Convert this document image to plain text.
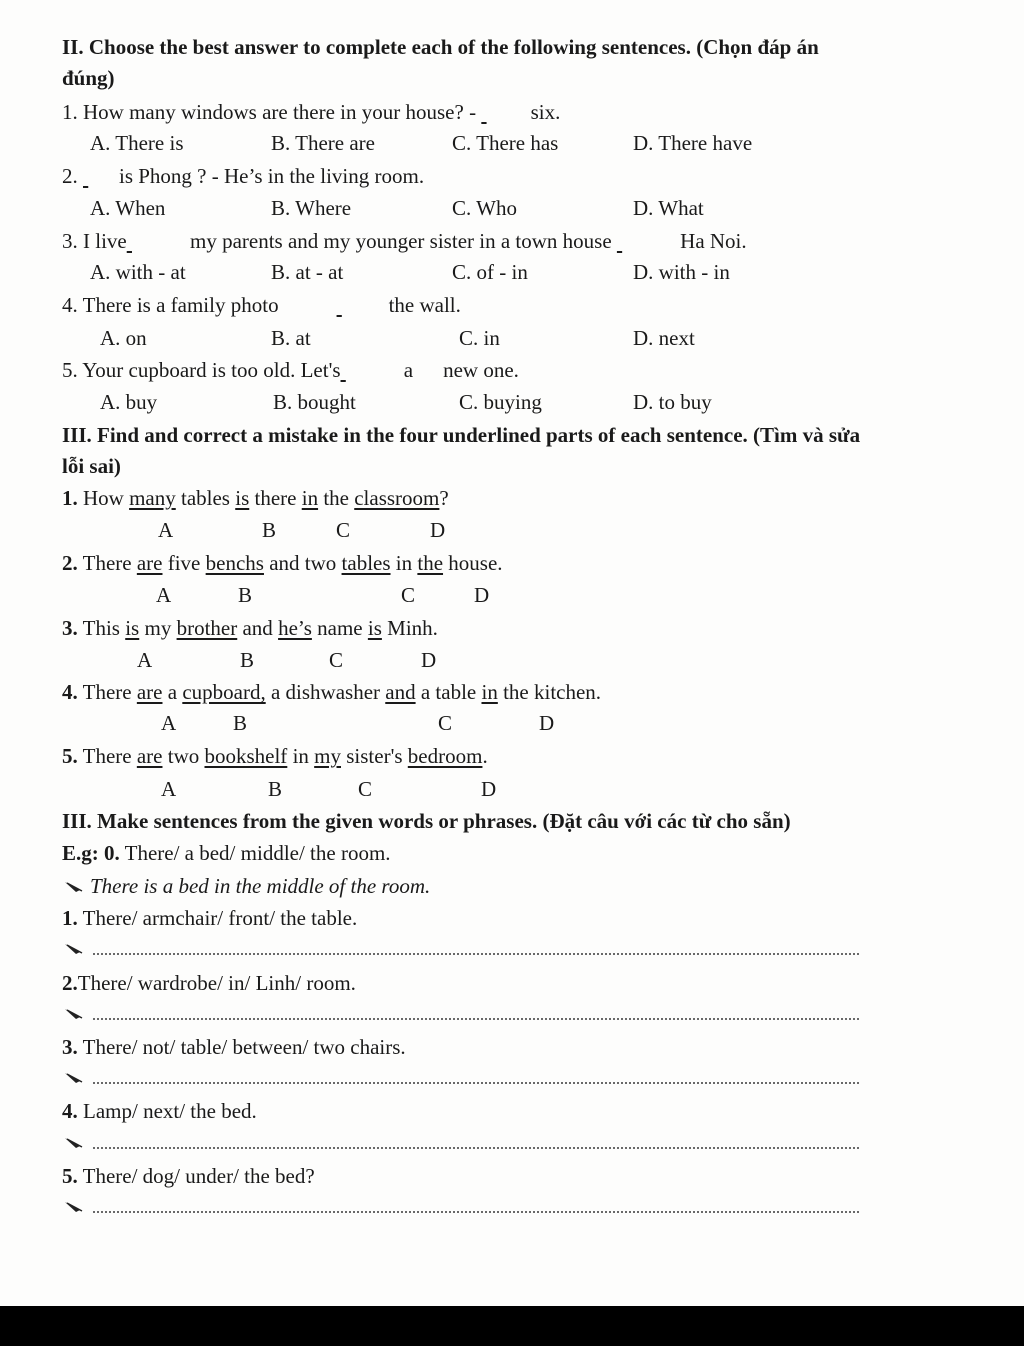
II. Choose the best answer to complete each of the following sentences. (Chọn đáp án
đúng)
1. How many windows are there in your house? -   six.
A. There is	B. There are	C. There has	D. There have
2.  is Phong ? - He’s in the living room.
A. When	B. Where	C. Who	D. What
3. I live	my parents and my younger sister in a town house	Ha Noi.
A. with - at	B. at - at	C. of - in	D. with - in
4. There is a family photo	the wall.
A. on	B. at	C. in	D. next
5. Your cupboard is too old. Let's	a new one.
A. buy	B. bought	C. buying	D. to buy
III. Find and correct a mistake in the four underlined parts of each sentence. (Tìm và sửa
lỗi sai)
1. How many tables is there in the classroom?
A	B	C	D
2. There are five benchs and two tables in the house.
A	B	C	D
3. This is my brother and he’s name is Minh.
A	B	C	D
4. There are a cupboard, a dishwasher and a table in the kitchen.
A	B	C	D
5. There are two bookshelf in my sister's bedroom.
A	B	C	D
III. Make sentences from the given words or phrases. (Đặt câu với các từ cho sẵn)
E.g: 0. There/ a bed/ middle/ the room.
There is a bed in the middle of the room.
1. There/ armchair/ front/ the table.
2.There/ wardrobe/ in/ Linh/ room.
3. There/ not/ table/ between/ two chairs.
4. Lamp/ next/ the bed.
5. There/ dog/ under/ the bed?
